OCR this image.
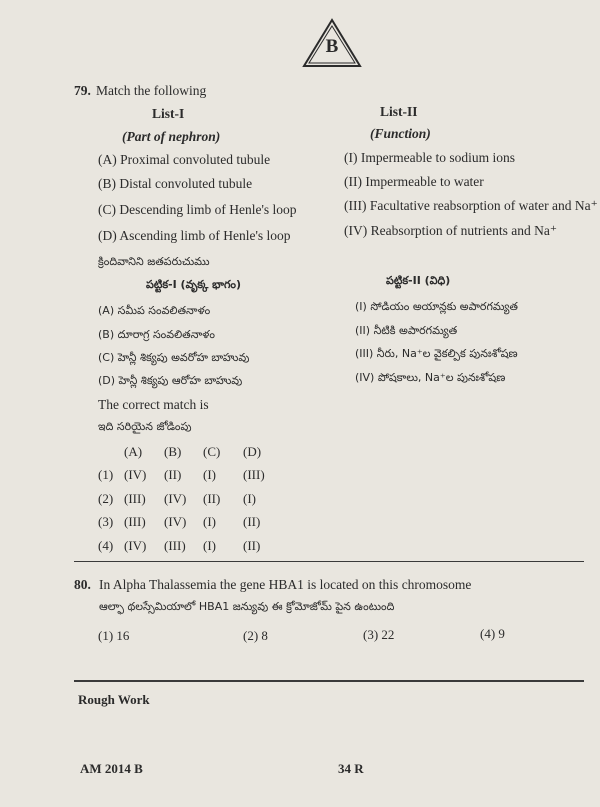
B
79. Match the following
List-I	List-II
(Part of nephron)	(Function)
(A) Proximal convoluted tubule
(B) Distal convoluted tubule
(C) Descending limb of Henle's loop
(D) Ascending limb of Henle's loop
(I) Impermeable to sodium ions
(II) Impermeable to water
(III) Facultative reabsorption of water and Na⁺
(IV) Reabsorption of nutrients and Na⁺
క్రిందివానిని జతపరుచుము
పట్టిక-I (వృక్క భాగం)	పట్టిక-II (విధి)
(A) సమీప సంవలితనాళం
(B) దూరాగ్ర సంవలితనాళం
(C) హెన్లీ శిక్యపు అవరోహ బాహువు
(D) హెన్లీ శిక్యపు ఆరోహ బాహువు
(I) సోడియం అయాన్లకు అపారగమ్యత
(II) నీటికి అపారగమ్యత
(III) నీరు, Na⁺ల వైకల్పిక పునఃశోషణ
(IV) పోషకాలు, Na⁺ల పునఃశోషణ
The correct match is
ఇది సరియైన జోడింపు
(A) (B) (C) (D)
(1) (IV) (II) (I) (III)
(2) (III) (IV) (II) (I)
(3) (III) (IV) (I) (II)
(4) (IV) (III) (I) (II)
80. In Alpha Thalassemia the gene HBA1 is located on this chromosome
ఆల్ఫా థలస్సేమియాలో HBA1 జన్యువు ఈ క్రోమోజోమ్ పైన ఉంటుంది
(1) 16	(2) 8	(3) 22	(4) 9
Rough Work
AM 2014 B	34 R
